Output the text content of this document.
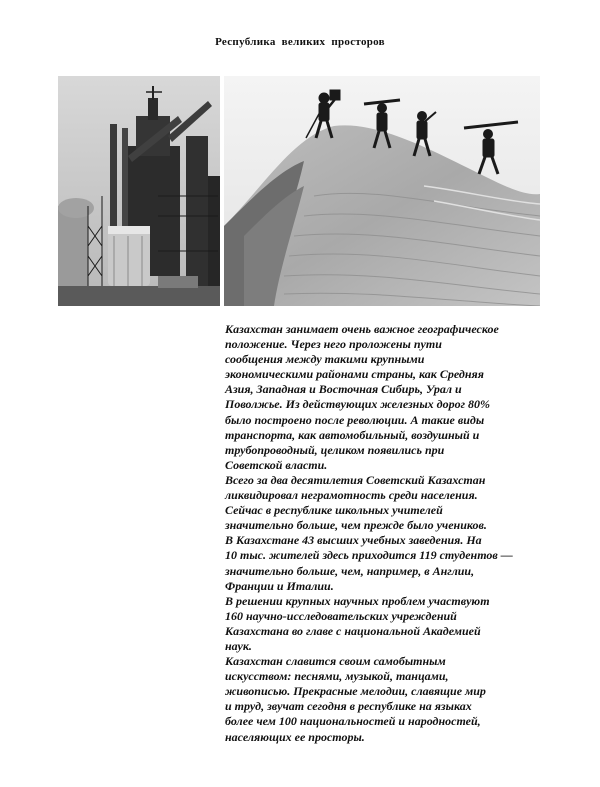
Республика великих просторов

Казахстан занимает очень важное географическое
положение. Через него проложены пути
сообщения между такими крупными
экономическими районами страны, как Средняя
Азия, Западная и Восточная Сибирь, Урал и
Поволжье. Из действующих железных дорог 80%
было построено после революции. А такие виды
транспорта, как автомобильный, воздушный и
трубопроводный, целиком появились при
Советской власти.

Всего за два десятилетия Советский Казахстан
ликвидировал неграмотность среди населения.
Сейчас в республике школьных учителей
значительно больше, чем прежде было учеников.
В Казахстане 43 высших учебных заведения. На
10 тыс. жителей здесь приходится 119 студентов —
значительно больше, чем, например, в Англии,
Франции и Италии.

В решении крупных научных проблем участвуют
160 научно-исследовательских учреждений
Казахстана во главе с национальной Академией
наук.

Казахстан славится своим самобытным
искусством: песнями, музыкой, танцами,
живописью. Прекрасные мелодии, славящие мир
и труд, звучат сегодня в республике на языках
более чем 100 национальностей и народностей,
населяющих ее просторы.
